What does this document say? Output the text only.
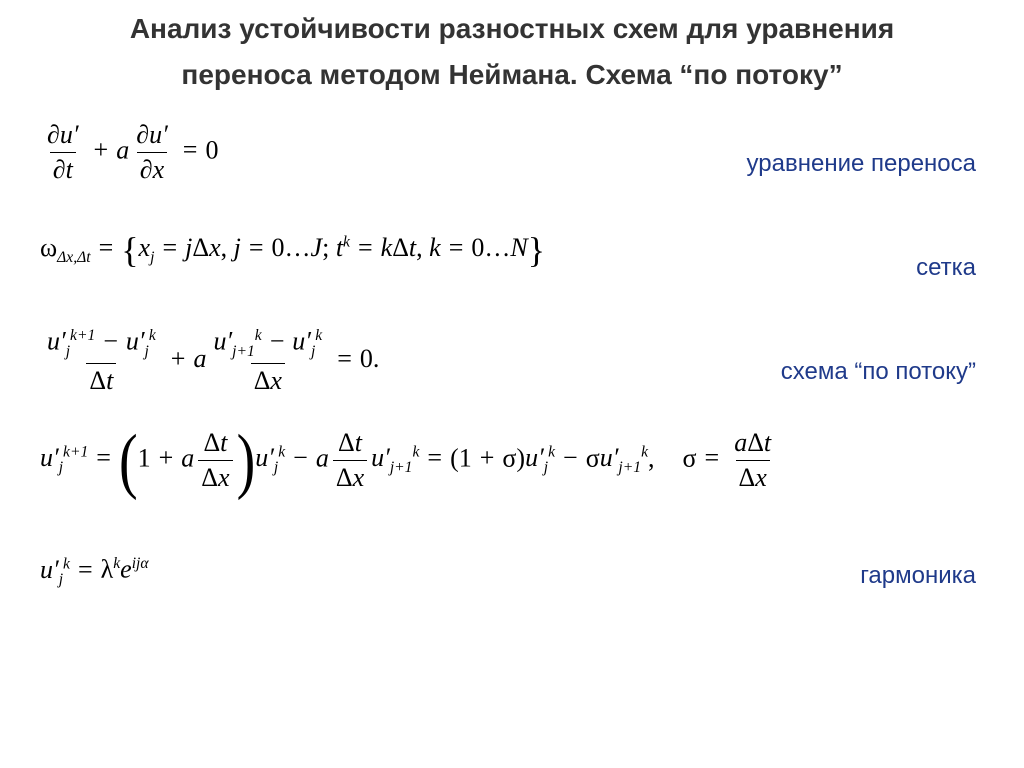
Анализ устойчивости разностных схем для уравнения
переноса методом Неймана. Схема “по потоку”
$\frac{\partial u'}{\partial t} + a \frac{\partial u'}{\partial x} = 0$	уравнение переноса
$\omega_{\Delta x,\Delta t} = \{x_j = j\Delta x$, j = 0…J; $t^k = k\Delta t$, k = 0…N}	сетка
$\frac{u'_j^{k+1} - u'_j^k}{\Delta t} + a \frac{u'_{j+1}^k - u'_j^k}{\Delta x} = 0$.	схема “по потоку”
$u'_j^{k+1} = (1 + a \frac{\Delta t}{\Delta x} )u'_j^k - a \frac{\Delta t}{\Delta x} u'_{j+1}^k = (1 + \sigma)u'_j^k - \sigma u'_{j+1}^k$, $\sigma = \frac{\text{aΔt}}{\Delta x}$
$u'_j^k = \lambda^ke^{ij\alpha}$	гармоника
